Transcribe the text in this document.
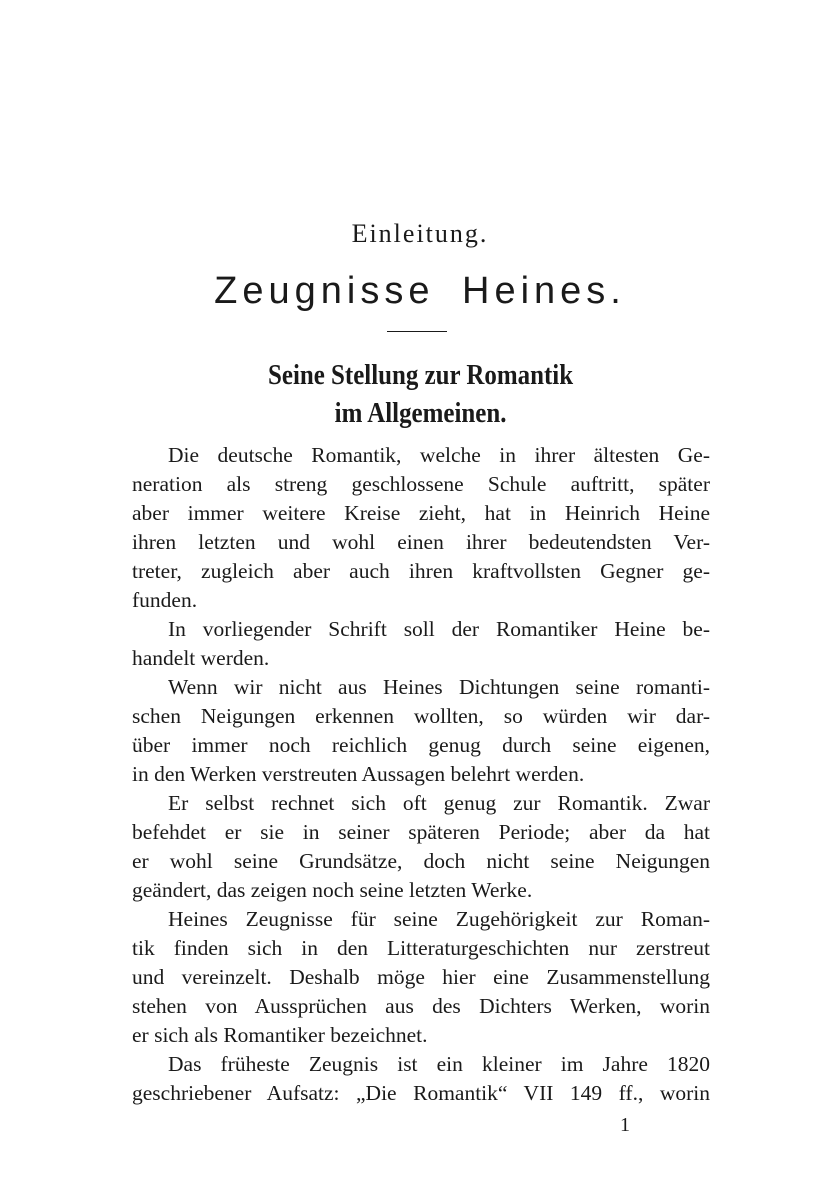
Einleitung.
Zeugnisse Heines.
Seine Stellung zur Romantik
im Allgemeinen.
Die deutsche Romantik, welche in ihrer ältesten Ge-
neration als streng geschlossene Schule auftritt, später
aber immer weitere Kreise zieht, hat in Heinrich Heine
ihren letzten und wohl einen ihrer bedeutendsten Ver-
treter, zugleich aber auch ihren kraftvollsten Gegner ge-
funden.
In vorliegender Schrift soll der Romantiker Heine be-
handelt werden.
Wenn wir nicht aus Heines Dichtungen seine romanti-
schen Neigungen erkennen wollten, so würden wir dar-
über immer noch reichlich genug durch seine eigenen,
in den Werken verstreuten Aussagen belehrt werden.
Er selbst rechnet sich oft genug zur Romantik. Zwar
befehdet er sie in seiner späteren Periode; aber da hat
er wohl seine Grundsätze, doch nicht seine Neigungen
geändert, das zeigen noch seine letzten Werke.
Heines Zeugnisse für seine Zugehörigkeit zur Roman-
tik finden sich in den Litteraturgeschichten nur zerstreut
und vereinzelt. Deshalb möge hier eine Zusammenstellung
stehen von Aussprüchen aus des Dichters Werken, worin
er sich als Romantiker bezeichnet.
Das früheste Zeugnis ist ein kleiner im Jahre 1820
geschriebener Aufsatz: „Die Romantik“ VII 149 ff., worin
1
